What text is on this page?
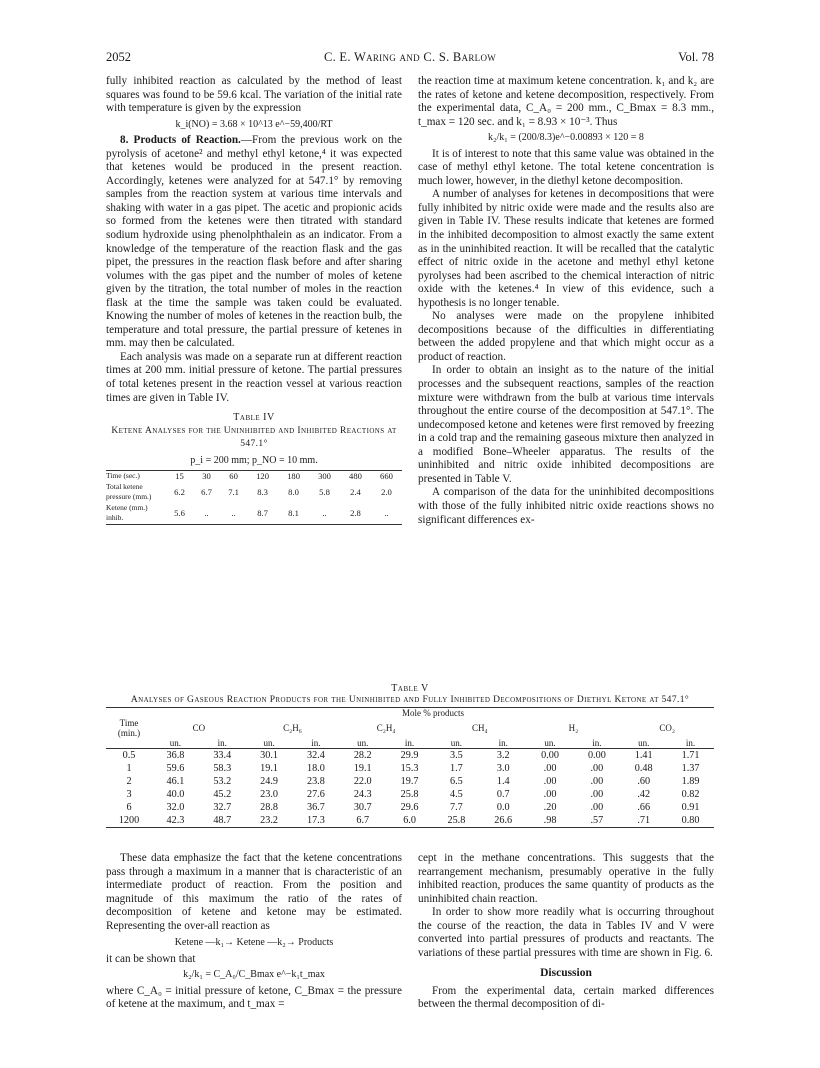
2052	C. E. Waring and C. S. Barlow	Vol. 78

fully inhibited reaction as calculated by the method of least squares was found to be 59.6 kcal. The variation of the initial rate with temperature is given by the expression

k_i(NO) = 3.68 × 10^13 e^−59,400/RT

8. Products of Reaction.—From the previous work on the pyrolysis of acetone² and methyl ethyl ketone,⁴ it was expected that ketenes would be produced in the present reaction. Accordingly, ketenes were analyzed for at 547.1° by removing samples from the reaction system at various time intervals and shaking with water in a gas pipet. The acetic and propionic acids so formed from the ketenes were then titrated with standard sodium hydroxide using phenolphthalein as an indicator. From a knowledge of the temperature of the reaction flask and the gas pipet, the pressures in the reaction flask before and after sharing volumes with the gas pipet and the number of moles of ketene given by the titration, the total number of moles in the reaction flask at the time the sample was taken could be evaluated. Knowing the number of moles of ketenes in the reaction bulb, the temperature and total pressure, the partial pressure of ketenes in mm. may then be calculated.

Each analysis was made on a separate run at different reaction times at 200 mm. initial pressure of ketone. The partial pressures of total ketenes present in the reaction vessel at various reaction times are given in Table IV.

Table IV
Ketene Analyses for the Uninhibited and Inhibited Reactions at 547.1°
p_i = 200 mm; p_NO = 10 mm.
Time (sec.)	15	30	60	120	180	300	480	660
Total ketene pressure (mm.)	6.2	6.7	7.1	8.3	8.0	5.8	2.4	2.0
Ketene (mm.) inhib.	5.6	..	..	8.7	8.1	..	2.8	..

the reaction time at maximum ketene concentration. k₁ and k₂ are the rates of ketone and ketene decomposition, respectively. From the experimental data, C_A₀ = 200 mm., C_Bmax = 8.3 mm., t_max = 120 sec. and k₁ = 8.93 × 10⁻³. Thus

k₂/k₁ = (200/8.3)e^−0.00893 × 120 = 8

It is of interest to note that this same value was obtained in the case of methyl ethyl ketone. The total ketene concentration is much lower, however, in the diethyl ketone decomposition.

A number of analyses for ketenes in decompositions that were fully inhibited by nitric oxide were made and the results also are given in Table IV. These results indicate that ketenes are formed in the inhibited decomposition to almost exactly the same extent as in the uninhibited reaction. It will be recalled that the catalytic effect of nitric oxide in the acetone and methyl ethyl ketone pyrolyses had been ascribed to the chemical interaction of nitric oxide with the ketenes.⁴ In view of this evidence, such a hypothesis is no longer tenable.

No analyses were made on the propylene inhibited decompositions because of the difficulties in differentiating between the added propylene and that which might occur as a product of reaction.

In order to obtain an insight as to the nature of the initial processes and the subsequent reactions, samples of the reaction mixture were withdrawn from the bulb at various time intervals throughout the entire course of the decomposition at 547.1°. The undecomposed ketone and ketenes were first removed by freezing in a cold trap and the remaining gaseous mixture then analyzed in a modified Bone–Wheeler apparatus. The results of the uninhibited and nitric oxide inhibited decompositions are presented in Table V.

A comparison of the data for the uninhibited decompositions with those of the fully inhibited nitric oxide reactions shows no significant differences ex-

Table V
Analyses of Gaseous Reaction Products for the Uninhibited and Fully Inhibited Decompositions of Diethyl Ketone at 547.1°
	Mole % products											
Time (min.)	CO		C₂H₆		C₂H₄		CH₄		H₂		CO₂	
	un.	in.	un.	in.	un.	in.	un.	in.	un.	in.	un.	in.
0.5	36.8	33.4	30.1	32.4	28.2	29.9	3.5	3.2	0.00	0.00	1.41	1.71
1	59.6	58.3	19.1	18.0	19.1	15.3	1.7	3.0	.00	.00	0.48	1.37
2	46.1	53.2	24.9	23.8	22.0	19.7	6.5	1.4	.00	.00	.60	1.89
3	40.0	45.2	23.0	27.6	24.3	25.8	4.5	0.7	.00	.00	.42	0.82
6	32.0	32.7	28.8	36.7	30.7	29.6	7.7	0.0	.20	.00	.66	0.91
1200	42.3	48.7	23.2	17.3	6.7	6.0	25.8	26.6	.98	.57	.71	0.80

These data emphasize the fact that the ketene concentrations pass through a maximum in a manner that is characteristic of an intermediate product of reaction. From the position and magnitude of this maximum the ratio of the rates of decomposition of ketene and ketone may be estimated. Representing the over-all reaction as

Ketene —k₁→ Ketene —k₂→ Products

it can be shown that

k₂/k₁ = C_A₀/C_Bmax e^−k₁t_max

where C_A₀ = initial pressure of ketone, C_Bmax = the pressure of ketene at the maximum, and t_max =

cept in the methane concentrations. This suggests that the rearrangement mechanism, presumably operative in the fully inhibited reaction, produces the same quantity of products as the uninhibited chain reaction.

In order to show more readily what is occurring throughout the course of the reaction, the data in Tables IV and V were converted into partial pressures of products and reactants. The variations of these partial pressures with time are shown in Fig. 6.

Discussion

From the experimental data, certain marked differences between the thermal decomposition of di-
